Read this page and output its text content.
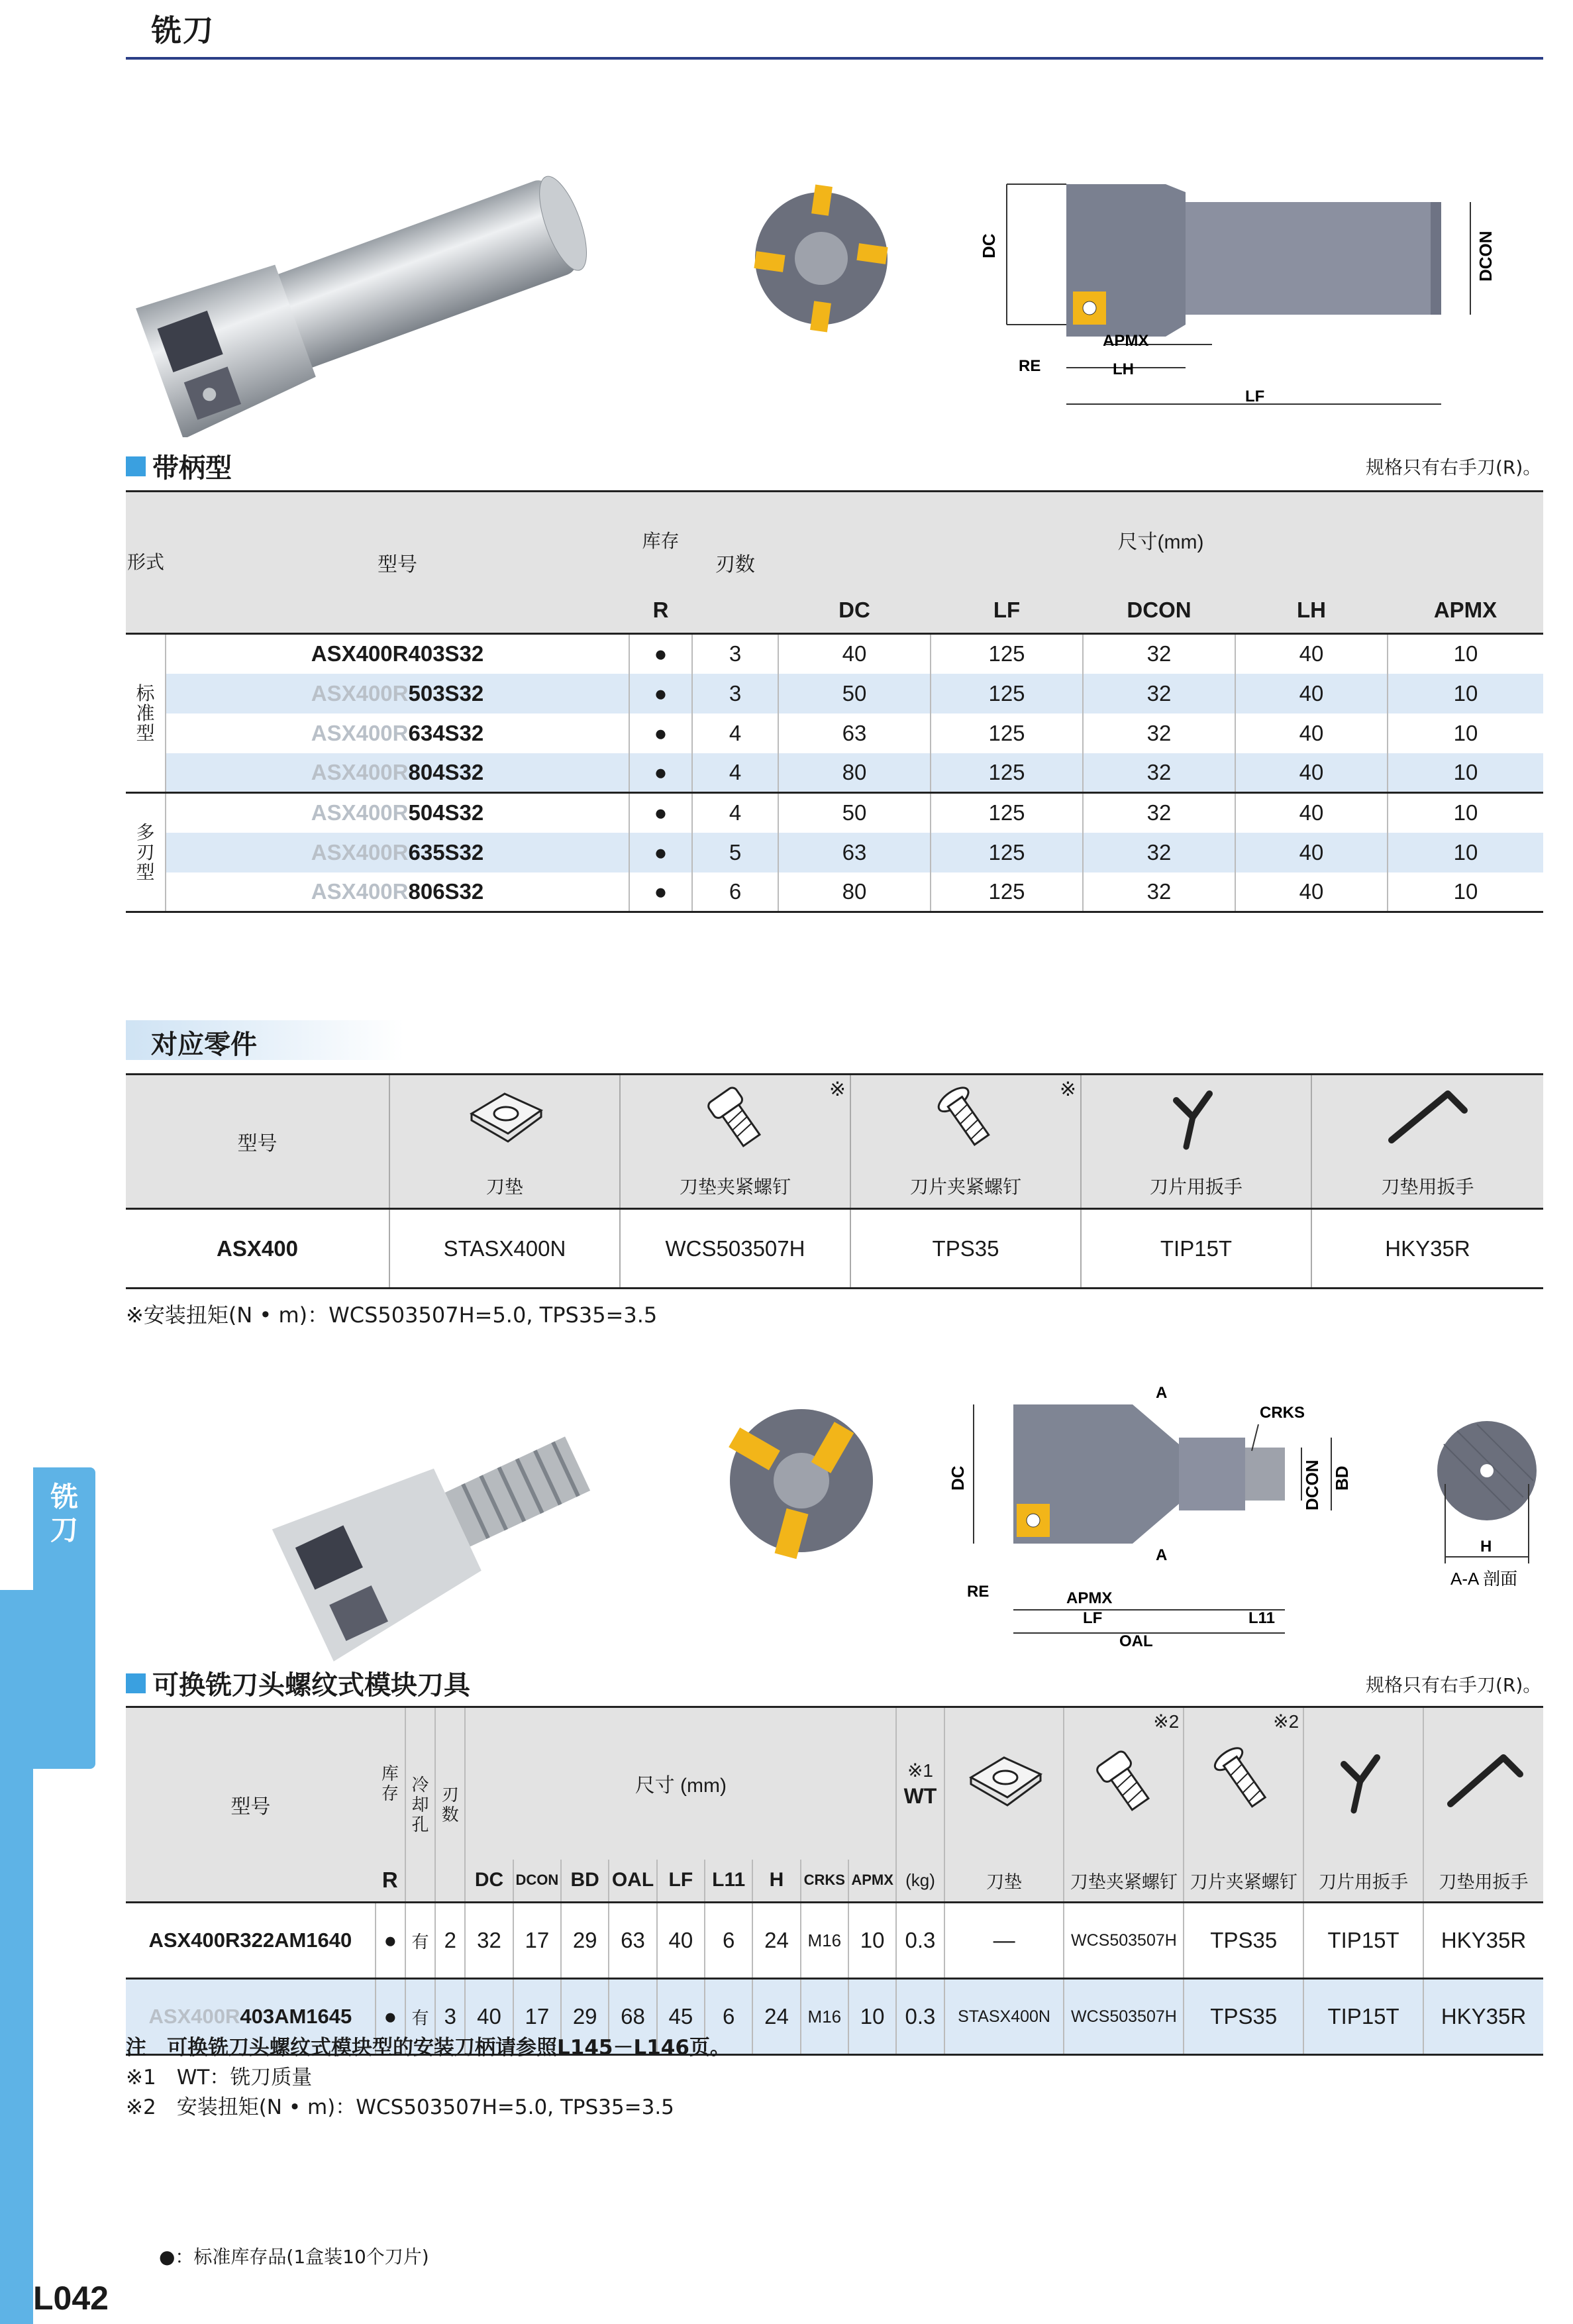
铣刀
DC	DCON
APMX
LH
RE
LF
带柄型	规格只有右手刀(R)。
形式	型号	库存	刃数	尺寸(mm)				
		R		DC	LF	DCON	LH	APMX

标准型	ASX400R403S32	●	3	40	125	32	40	10
	ASX400R503S32	●	3	50	125	32	40	10
	ASX400R634S32	●	4	63	125	32	40	10
	ASX400R804S32	●	4	80	125	32	40	10

多刃型	ASX400R504S32	●	4	50	125	32	40	10
	ASX400R635S32	●	5	63	125	32	40	10
	ASX400R806S32	●	6	80	125	32	40	10
对应零件
型号		※	※

	刀垫	刀垫夹紧螺钉	刀片夹紧螺钉	刀片用扳手	刀垫用扳手
ASX400	STASX400N	WCS503507H	TPS35	TIP15T	HKY35R
※安装扭矩(N • m)：WCS503507H=5.0, TPS35=3.5
DC
A
CRKS
DCON BD
A
RE	APMX
LF	L11
OAL
H
A-A 剖面
可换铣刀头螺纹式模块刀具	规格只有右手刀(R)。
型号	库存	冷却孔	刃数	尺寸 (mm)									※1
WT		※2	※2

	R			DC	DCON	BD	OAL	LF	L11	H	CRKS	APMX	(kg)	刀垫	刀垫夹紧螺钉	刀片夹紧螺钉	刀片用扳手	刀垫用扳手
ASX400R322AM1640	●	有	2	32	17	29	63	40	6	24	M16	10	0.3	—	WCS503507H	TPS35	TIP15T	HKY35R
ASX400R403AM1645	●	有	3	40	17	29	68	45	6	24	M16	10	0.3	STASX400N	WCS503507H	TPS35	TIP15T	HKY35R
注　可换铣刀头螺纹式模块型的安装刀柄请参照L145－L146页。
※1　WT：铣刀质量
※2　安装扭矩(N • m)：WCS503507H=5.0, TPS35=3.5
●：标准库存品(1盒装10个刀片)
铣刀
L042
